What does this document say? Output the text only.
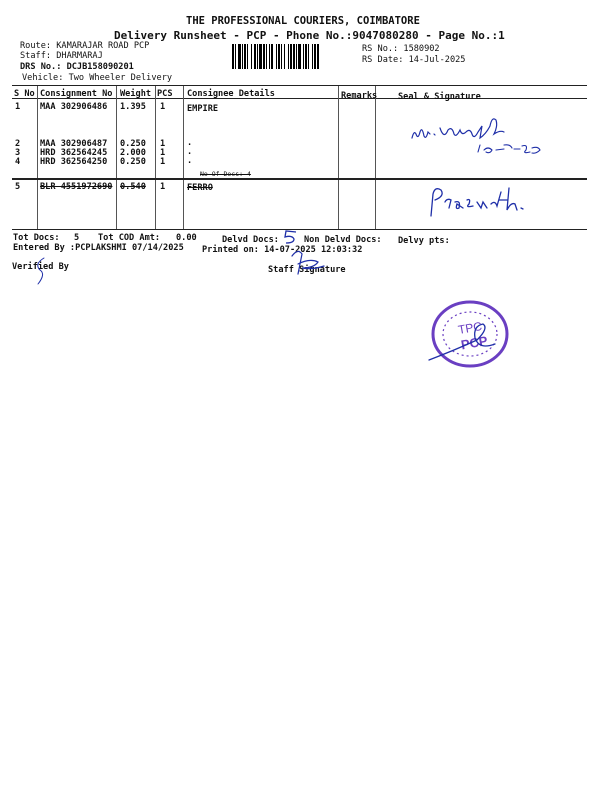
THE PROFESSIONAL COURIERS, COIMBATORE
Delivery Runsheet - PCP - Phone No.:9047080280 - Page No.:1
Route: KAMARAJAR ROAD PCP
Staff: DHARMARAJ
DRS No.: DCJB158090201
Vehicle: Two Wheeler Delivery
RS No.: 1580902
RS Date: 14-Jul-2025
S No Consignment No Weight PCS Consignee Details	Remarks Seal & Signature
1 MAA 302906486 1.395 1	EMPIRE
2 MAA 302906487 0.250 1	.
3 HRD 362564245 2.000 1	.
4 HRD 362564250 0.250 1	.
No Of Docs: 4
5 BLR 4551972690 0.540 1	FERRO
Tot Docs: 5 Tot COD Amt: 0.00	Delvd Docs:	Non Delvd Docs: Delvy pts:
Entered By :PCPLAKSHMI 07/14/2025 Printed on: 14-07-2025 12:03:32
Verified By	Staff Signature
TPC
PCP
